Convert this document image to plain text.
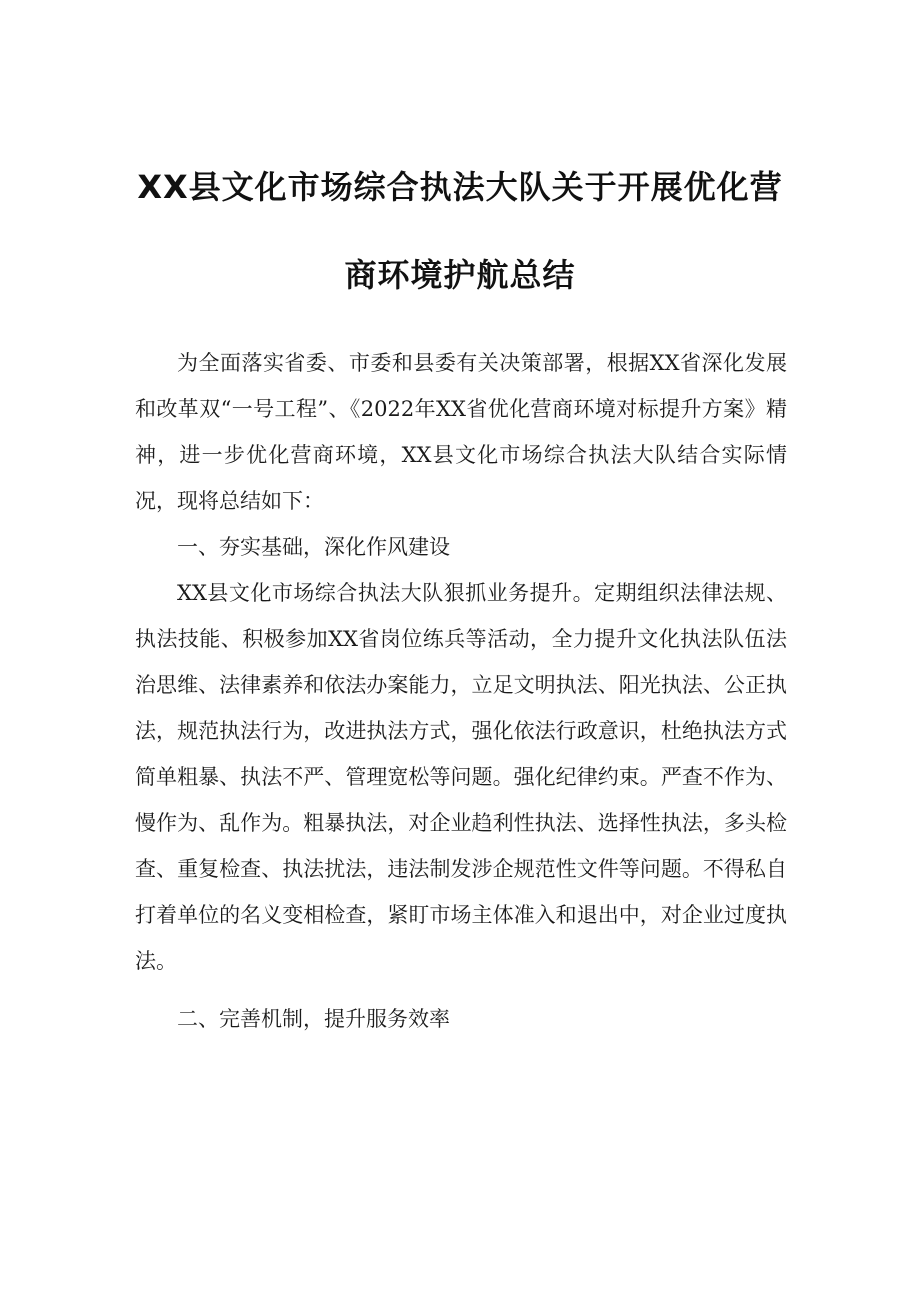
XX县文化市场综合执法大队关于开展优化营
商环境护航总结

为全面落实省委、市委和县委有关决策部署，根据XX省深化发展和改革双“一号工程”、《2022年XX省优化营商环境对标提升方案》精神，进一步优化营商环境，XX县文化市场综合执法大队结合实际情况，现将总结如下：

一、夯实基础，深化作风建设

XX县文化市场综合执法大队狠抓业务提升。定期组织法律法规、执法技能、积极参加XX省岗位练兵等活动，全力提升文化执法队伍法治思维、法律素养和依法办案能力，立足文明执法、阳光执法、公正执法，规范执法行为，改进执法方式，强化依法行政意识，杜绝执法方式简单粗暴、执法不严、管理宽松等问题。强化纪律约束。严查不作为、慢作为、乱作为。粗暴执法，对企业趋利性执法、选择性执法，多头检查、重复检查、执法扰法，违法制发涉企规范性文件等问题。不得私自打着单位的名义变相检查，紧盯市场主体准入和退出中，对企业过度执法。

二、完善机制，提升服务效率
